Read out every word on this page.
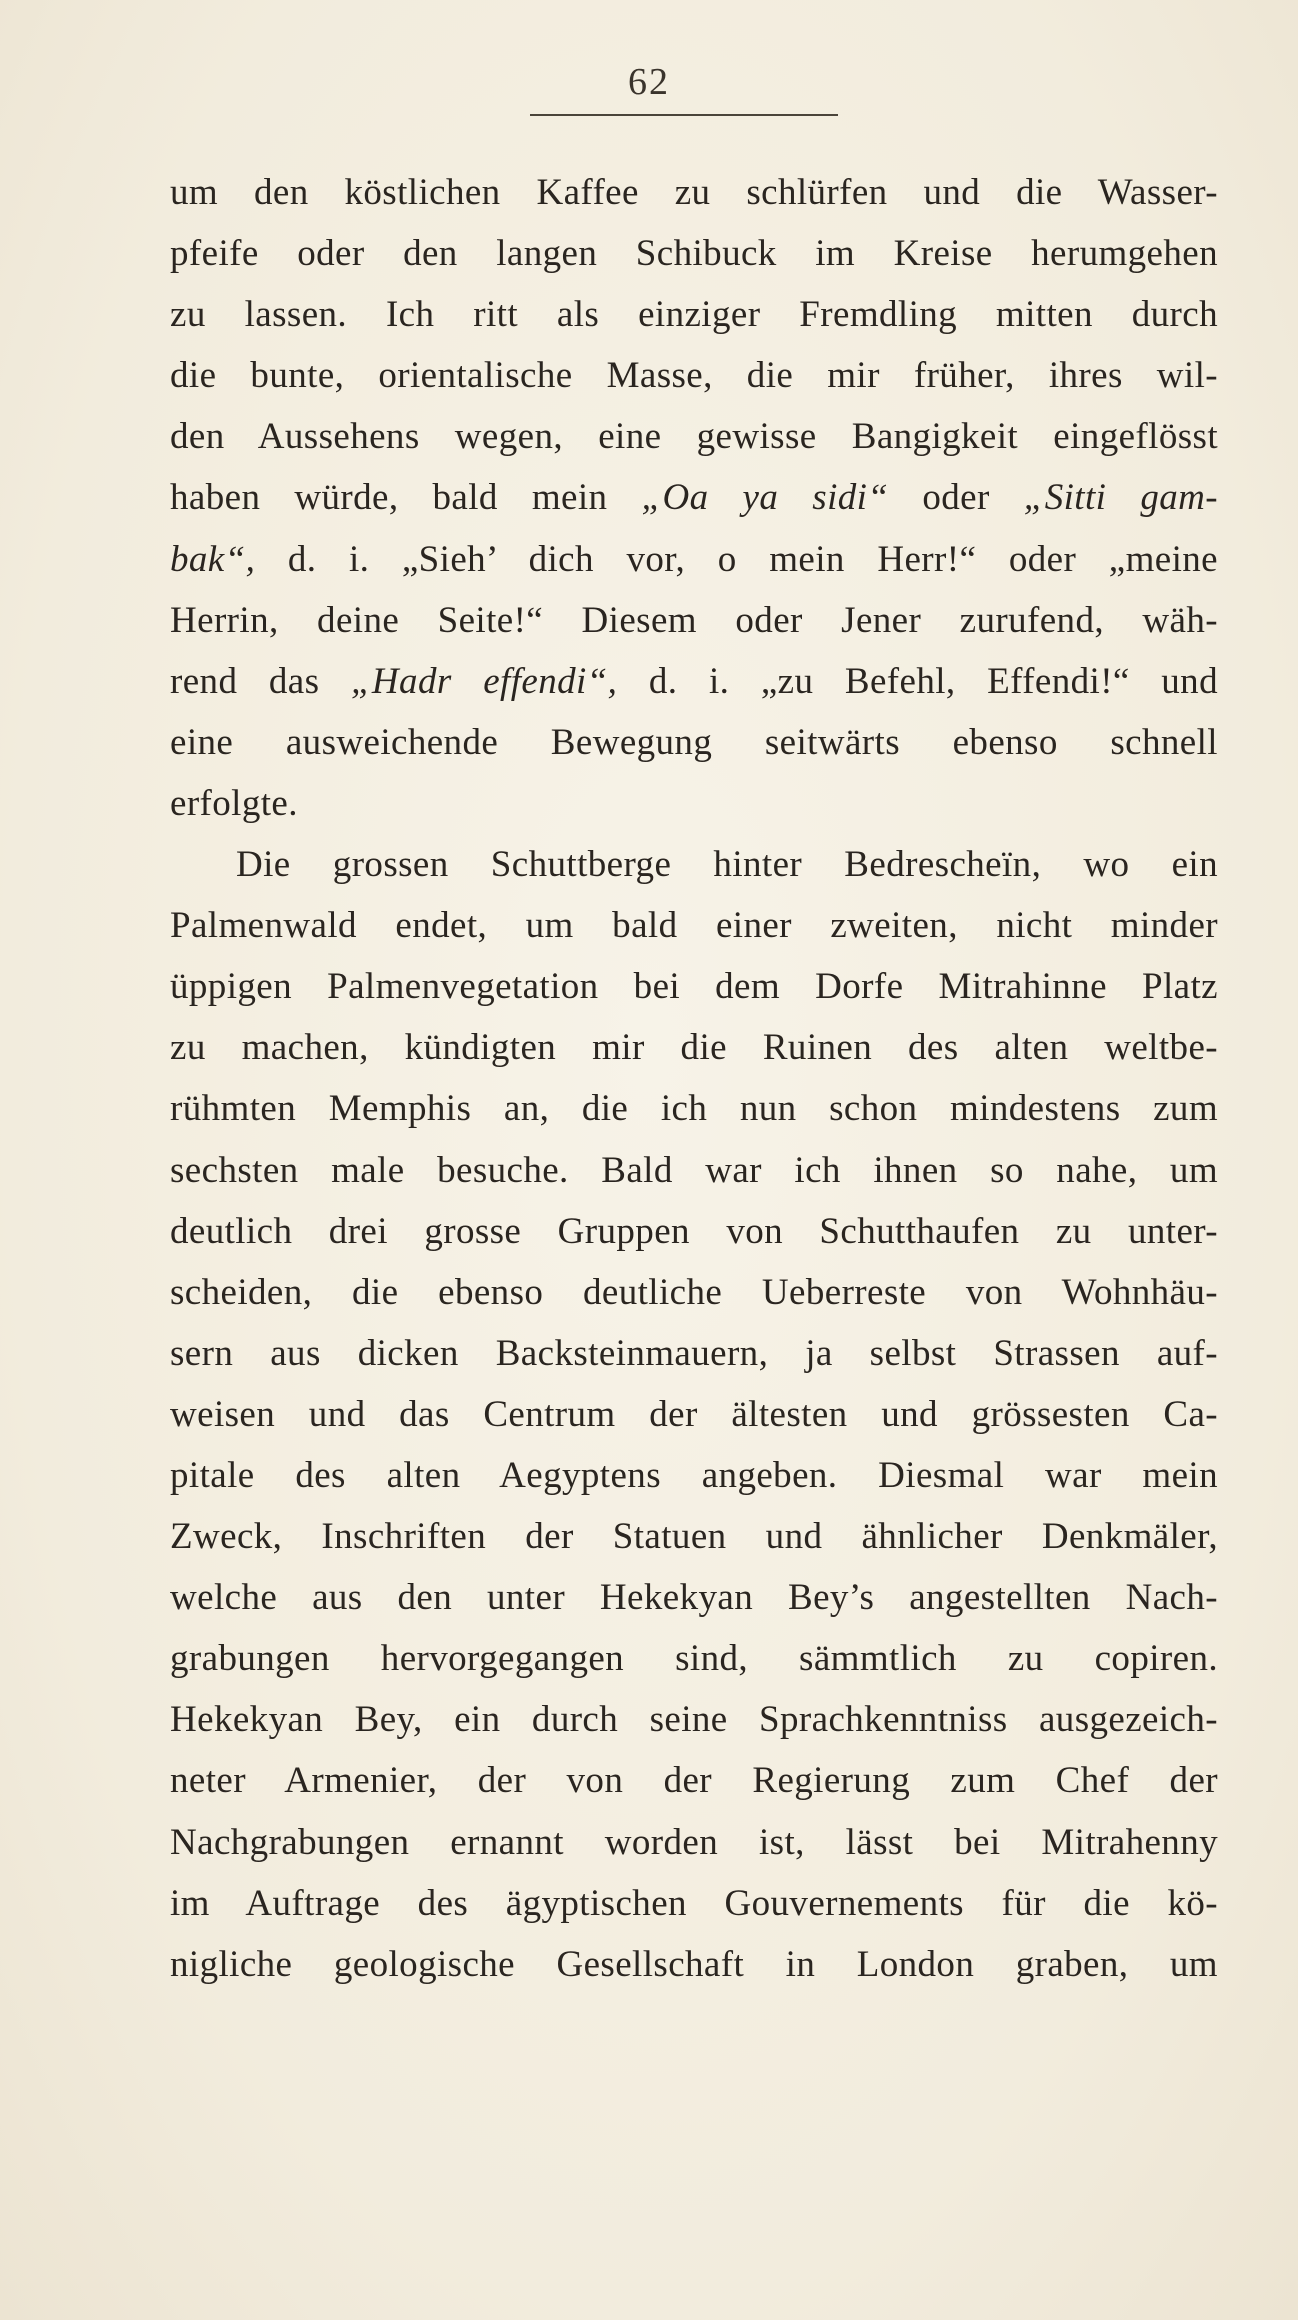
62
um den köstlichen Kaffee zu schlürfen und die Wasser-
pfeife oder den langen Schibuck im Kreise herumgehen
zu lassen. Ich ritt als einziger Fremdling mitten durch
die bunte, orientalische Masse, die mir früher, ihres wil-
den Aussehens wegen, eine gewisse Bangigkeit eingeflösst
haben würde, bald mein „Oa ya sidi“ oder „Sitti gam-
bak“, d. i. „Sieh’ dich vor, o mein Herr!“ oder „meine
Herrin, deine Seite!“ Diesem oder Jener zurufend, wäh-
rend das „Hadr effendi“, d. i. „zu Befehl, Effendi!“ und
eine ausweichende Bewegung seitwärts ebenso schnell
erfolgte.
Die grossen Schuttberge hinter Bedrescheïn, wo ein
Palmenwald endet, um bald einer zweiten, nicht minder
üppigen Palmenvegetation bei dem Dorfe Mitrahinne Platz
zu machen, kündigten mir die Ruinen des alten weltbe-
rühmten Memphis an, die ich nun schon mindestens zum
sechsten male besuche. Bald war ich ihnen so nahe, um
deutlich drei grosse Gruppen von Schutthaufen zu unter-
scheiden, die ebenso deutliche Ueberreste von Wohnhäu-
sern aus dicken Backsteinmauern, ja selbst Strassen auf-
weisen und das Centrum der ältesten und grössesten Ca-
pitale des alten Aegyptens angeben. Diesmal war mein
Zweck, Inschriften der Statuen und ähnlicher Denkmäler,
welche aus den unter Hekekyan Bey’s angestellten Nach-
grabungen hervorgegangen sind, sämmtlich zu copiren.
Hekekyan Bey, ein durch seine Sprachkenntniss ausgezeich-
neter Armenier, der von der Regierung zum Chef der
Nachgrabungen ernannt worden ist, lässt bei Mitrahenny
im Auftrage des ägyptischen Gouvernements für die kö-
nigliche geologische Gesellschaft in London graben, um
